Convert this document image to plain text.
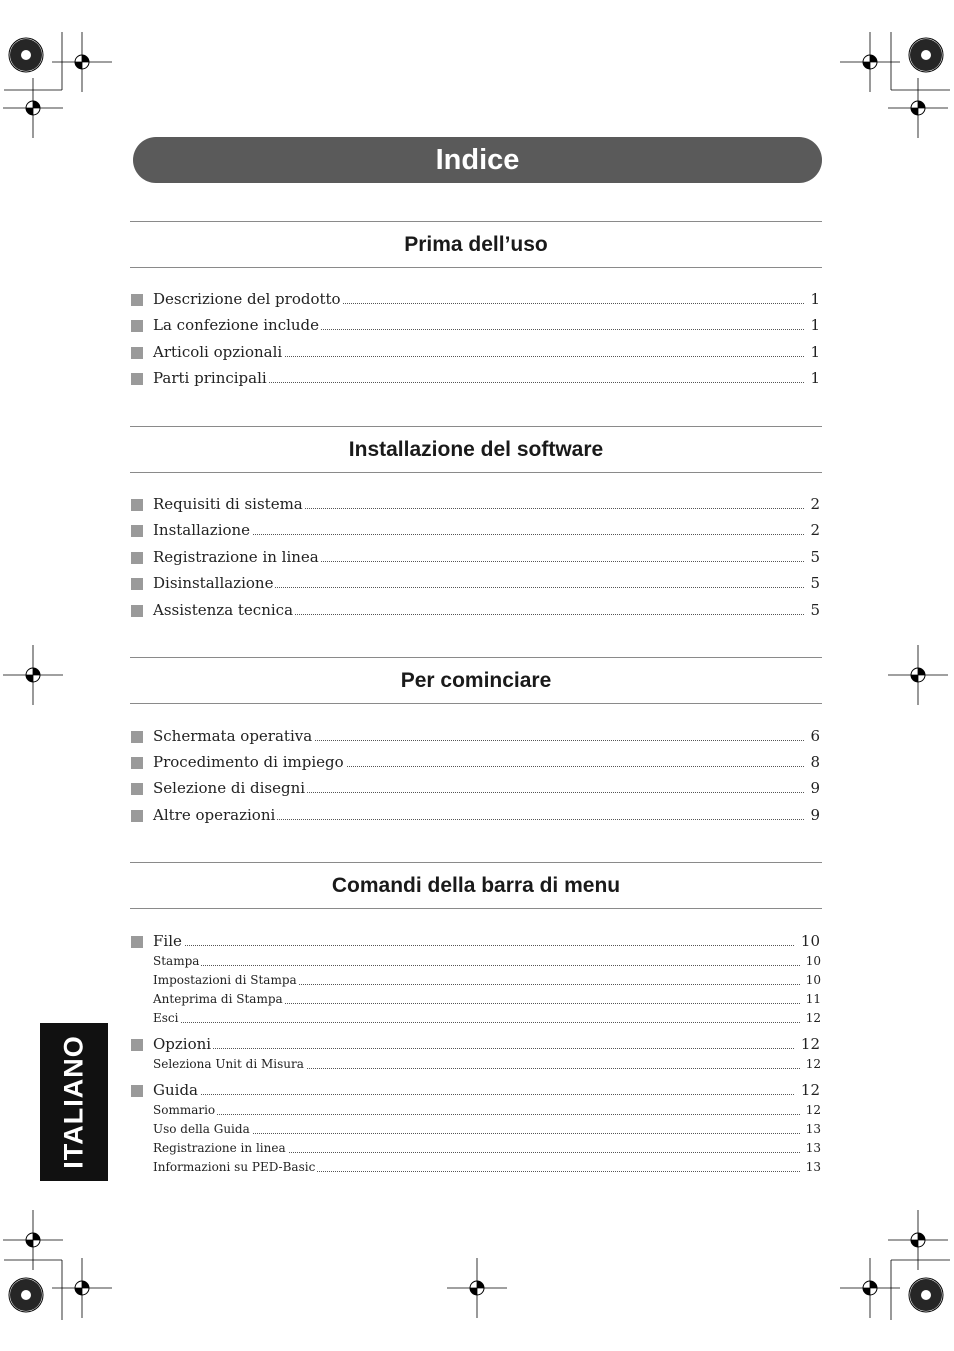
Indice
Prima dell’uso
Descrizione del prodotto	1
La confezione include	1
Articoli opzionali	1
Parti principali	1
Installazione del software
Requisiti di sistema	2
Installazione	2
Registrazione in linea	5
Disinstallazione	5
Assistenza tecnica	5
Per cominciare
Schermata operativa	6
Procedimento di impiego	8
Selezione di disegni	9
Altre operazioni	9
Comandi della barra di menu
File	10
Stampa	10
Impostazioni di Stampa	10
Anteprima di Stampa	11
Esci	12
Opzioni	12
Seleziona Unit di Misura	12
Guida	12
Sommario	12
Uso della Guida	13
Registrazione in linea	13
Informazioni su PED-Basic	13
ITALIANO
